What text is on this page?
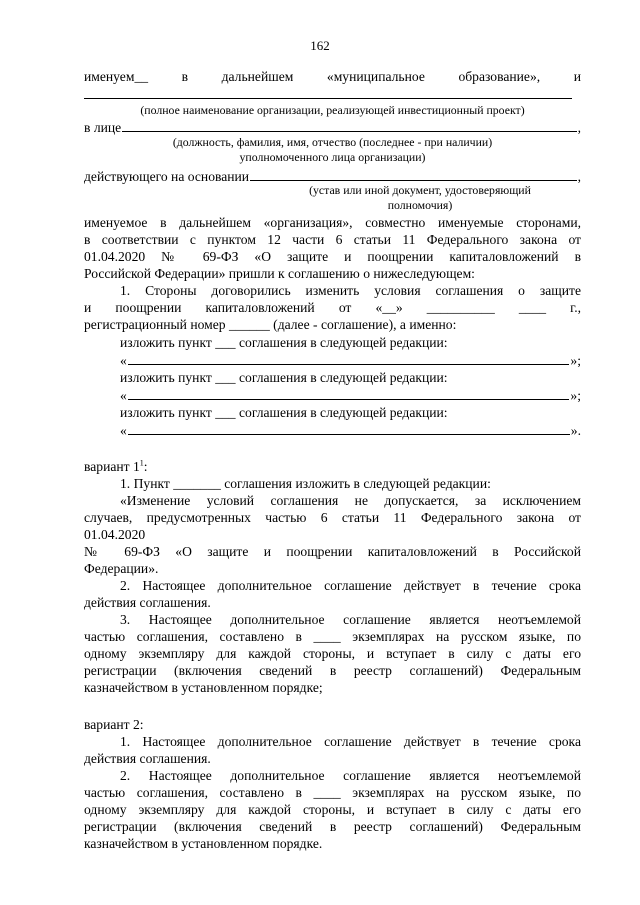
162
именуем__ в дальнейшем «муниципальное образование», и
(полное наименование организации, реализующей инвестиционный проект)
в лице	,
(должность, фамилия, имя, отчество (последнее - при наличии)
уполномоченного лица организации)
действующего на основании	,
(устав или иной документ, удостоверяющий
полномочия)
именуемое в дальнейшем «организация», совместно именуемые сторонами,
в соответствии с пунктом 12 части 6 статьи 11 Федерального закона от
01.04.2020 № 69-ФЗ «О защите и поощрении капиталовложений в
Российской Федерации» пришли к соглашению о нижеследующем:
1. Стороны договорились изменить условия соглашения о защите
и поощрении капиталовложений от «__» __________ ____ г.,
регистрационный номер ______ (далее - соглашение), а именно:
изложить пункт ___ соглашения в следующей редакции:
«	»;
изложить пункт ___ соглашения в следующей редакции:
«	»;
изложить пункт ___ соглашения в следующей редакции:
«	».
вариант $1^1$:
1. Пункт _______ соглашения изложить в следующей редакции:
«Изменение условий соглашения не допускается, за исключением
случаев, предусмотренных частью 6 статьи 11 Федерального закона от
01.04.2020
№ 69-ФЗ «О защите и поощрении капиталовложений в Российской
Федерации».
2. Настоящее дополнительное соглашение действует в течение срока
действия соглашения.
3. Настоящее дополнительное соглашение является неотъемлемой
частью соглашения, составлено в ____ экземплярах на русском языке, по
одному экземпляру для каждой стороны, и вступает в силу с даты его
регистрации (включения сведений в реестр соглашений) Федеральным
казначейством в установленном порядке;
вариант 2:
1. Настоящее дополнительное соглашение действует в течение срока
действия соглашения.
2. Настоящее дополнительное соглашение является неотъемлемой
частью соглашения, составлено в ____ экземплярах на русском языке, по
одному экземпляру для каждой стороны, и вступает в силу с даты его
регистрации (включения сведений в реестр соглашений) Федеральным
казначейством в установленном порядке.
